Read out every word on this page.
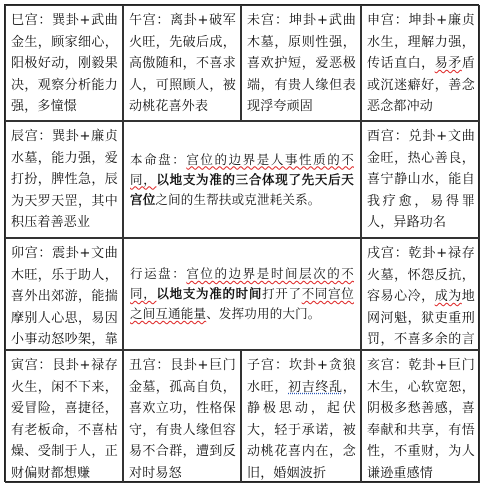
巳宫：巽卦+武曲金生，顾家细心，阳极好动，刚毅果决，观察分析能力强，多憧憬
午宫：离卦+破军火旺，先破后成，高傲随和，不喜求人，可照顾人，被动桃花喜外表
未宫：坤卦+武曲木墓，原则性强，喜欢护短，爱恶极端，有贵人缘但表现浮夸顽固
申宫：坤卦+廉贞水生，理解力强，传话直白，易矛盾或沉迷癖好，善念恶念都冲动
辰宫：巽卦+廉贞水墓，能力强，爱打扮，脾性急，辰为天罗天罡，其中积压着善恶业
本命盘：宫位的边界是人事性质的不同，以地支为准的三合体现了先天后天宫位之间的生帮扶或克泄耗关系。
酉宫：兑卦+文曲金旺，热心善良，喜宁静山水，能自我疗愈，易得罪人，异路功名
卯宫：震卦+文曲木旺，乐于助人，喜外出郊游，能揣摩别人心思，易因小事动怒吵架，靠
行运盘：宫位的边界是时间层次的不同，以地支为准的时间打开了不同宫位之间互通能量、发挥功用的大门。
戌宫：乾卦+禄存火墓，怀怨反抗，容易心冷，成为地网河魁，狱吏重刑罚，不喜多余的言
寅宫：艮卦+禄存火生，闲不下来，爱冒险，喜捷径，有老板命，不喜枯燥、受制于人，正财偏财都想赚
丑宫：艮卦+巨门金墓，孤高自负，喜欢立功，性格保守，有贵人缘但容易不合群，遭到反对时易怒
子宫：坎卦+贪狼水旺，初吉终乱，静极思动，起伏大，轻于承诺，被动桃花喜内在，念旧，婚姻波折
亥宫：乾卦+巨门木生，心软宽恕，阴极多愁善感，喜奉献和共享，有悟性，不重财，为人谦逊重感情
